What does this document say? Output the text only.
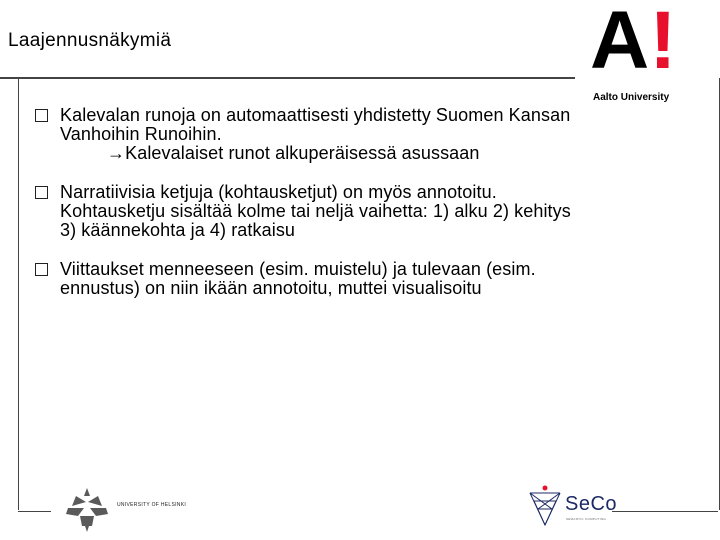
Laajennusnäkymiä	A!
Aalto University
Kalevalan runoja on automaattisesti yhdistetty Suomen Kansan
Vanhoihin Runoihin.
→Kalevalaiset runot alkuperäisessä asussaan
Narratiivisia ketjuja (kohtausketjut) on myös annotoitu.
Kohtausketju sisältää kolme tai neljä vaihetta: 1) alku 2) kehitys
3) käännekohta ja 4) ratkaisu
Viittaukset menneeseen (esim. muistelu) ja tulevaan (esim.
ennustus) on niin ikään annotoitu, muttei visualisoitu
UNIVERSITY OF HELSINKI	SeCo
SEMANTIC COMPUTING
